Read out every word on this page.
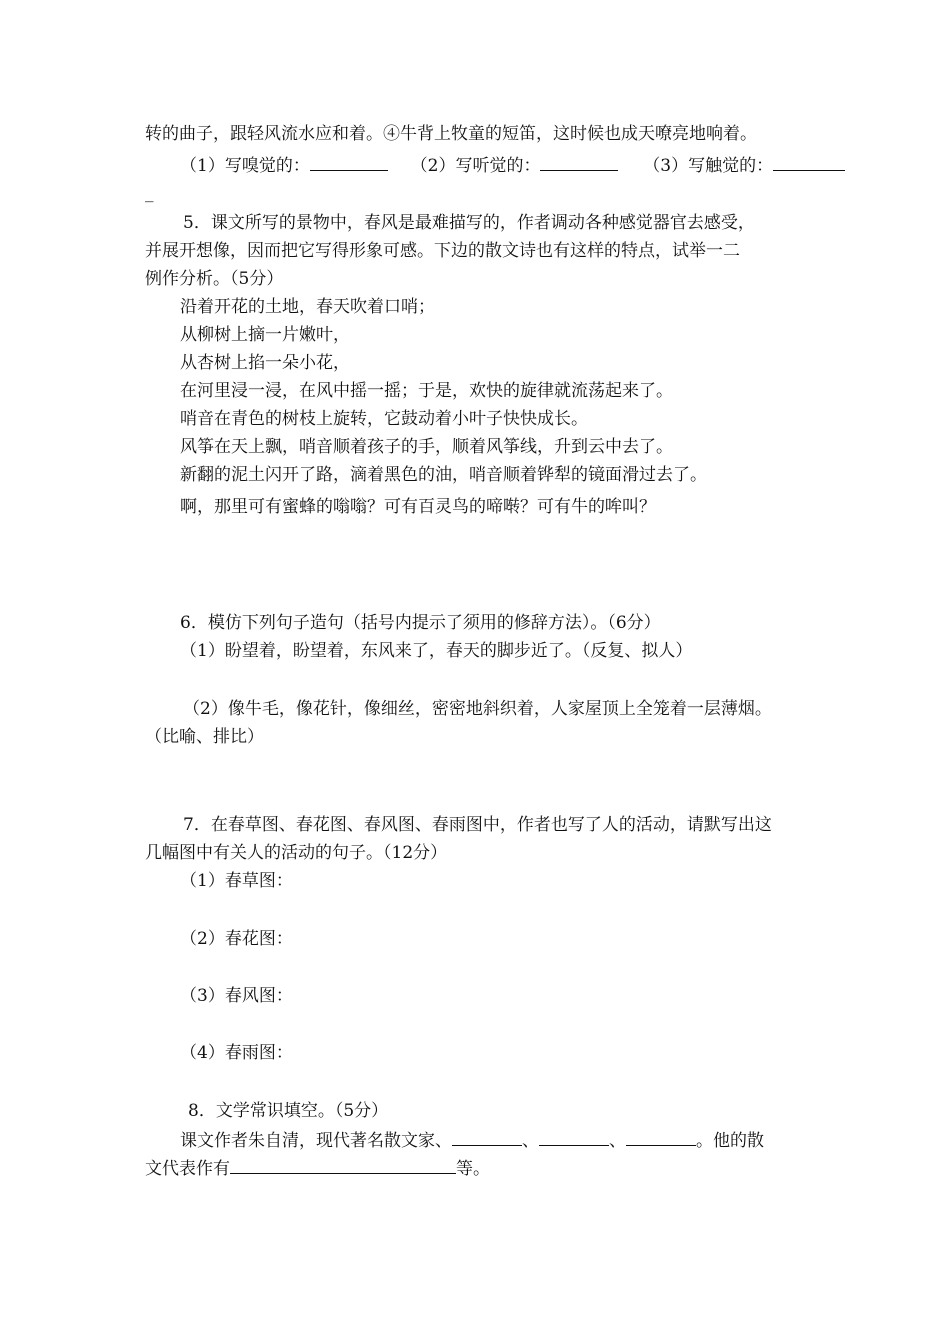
转的曲子，跟轻风流水应和着。④牛背上牧童的短笛，这时候也成天嘹亮地响着。
（1）写嗅觉的：	（2）写听觉的：	（3）写触觉的：
_
5．课文所写的景物中，春风是最难描写的，作者调动各种感觉器官去感受，
并展开想像，因而把它写得形象可感。下边的散文诗也有这样的特点，试举一二
例作分析。（5分）
沿着开花的土地，春天吹着口哨；
从柳树上摘一片嫩叶，
从杏树上掐一朵小花，
在河里浸一浸，在风中摇一摇；于是，欢快的旋律就流荡起来了。
哨音在青色的树枝上旋转，它鼓动着小叶子快快成长。
风筝在天上飘，哨音顺着孩子的手，顺着风筝线，升到云中去了。
新翻的泥土闪开了路，滴着黑色的油，哨音顺着铧犁的镜面滑过去了。
啊，那里可有蜜蜂的嗡嗡？可有百灵鸟的啼啭？可有牛的哞叫？
6．模仿下列句子造句（括号内提示了须用的修辞方法）。（6分）
（1）盼望着，盼望着，东风来了，春天的脚步近了。（反复、拟人）
（2）像牛毛，像花针，像细丝，密密地斜织着，人家屋顶上全笼着一层薄烟。
（比喻、排比）
7．在春草图、春花图、春风图、春雨图中，作者也写了人的活动，请默写出这
几幅图中有关人的活动的句子。（12分）
（1）春草图：
（2）春花图：
（3）春风图：
（4）春雨图：
8．文学常识填空。（5分）
课文作者朱自清，现代著名散文家、	、	、	。他的散
文代表作有	等。
